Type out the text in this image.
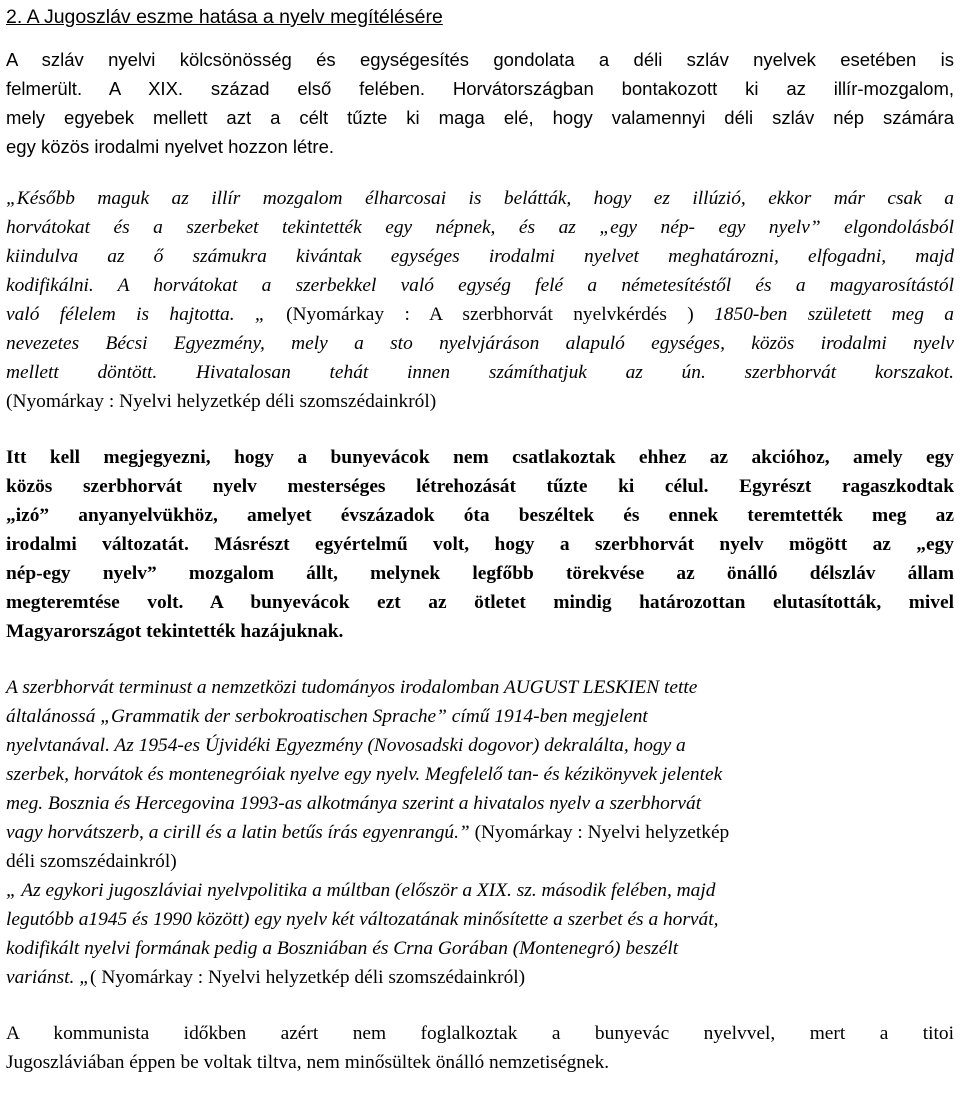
2. A Jugoszláv eszme hatása a nyelv megítélésére
A szláv nyelvi kölcsönösség és egységesítés gondolata a déli szláv nyelvek esetében is
felmerült. A XIX. század első felében. Horvátországban bontakozott ki az illír-mozgalom,
mely egyebek mellett azt a célt tűzte ki maga elé, hogy valamennyi déli szláv nép számára
egy közös irodalmi nyelvet hozzon létre.
„Később maguk az illír mozgalom élharcosai is belátták, hogy ez illúzió, ekkor már csak a
horvátokat és a szerbeket tekintették egy népnek, és az „egy nép- egy nyelv” elgondolásból
kiindulva az ő számukra kivántak egységes irodalmi nyelvet meghatározni, elfogadni, majd
kodifikálni. A horvátokat a szerbekkel való egység felé a németesítéstől és a magyarosítástól
való félelem is hajtotta. „ (Nyomárkay : A szerbhorvát nyelvkérdés ) 1850-ben született meg a
nevezetes Bécsi Egyezmény, mely a sto nyelvjáráson alapuló egységes, közös irodalmi nyelv
mellett döntött. Hivatalosan tehát innen számíthatjuk az ún. szerbhorvát korszakot.
(Nyomárkay : Nyelvi helyzetkép déli szomszédainkról)
Itt kell megjegyezni, hogy a bunyevácok nem csatlakoztak ehhez az akcióhoz, amely egy
közös szerbhorvát nyelv mesterséges létrehozását tűzte ki célul. Egyrészt ragaszkodtak
„izó” anyanyelvükhöz, amelyet évszázadok óta beszéltek és ennek teremtették meg az
irodalmi változatát. Másrészt egyértelmű volt, hogy a szerbhorvát nyelv mögött az „egy
nép-egy nyelv” mozgalom állt, melynek legfőbb törekvése az önálló délszláv állam
megteremtése volt. A bunyevácok ezt az ötletet mindig határozottan elutasították, mivel
Magyarországot tekintették hazájuknak.
A szerbhorvát terminust a nemzetközi tudományos irodalomban AUGUST LESKIEN tette
általánossá „Grammatik der serbokroatischen Sprache” című 1914-ben megjelent
nyelvtanával. Az 1954-es Újvidéki Egyezmény (Novosadski dogovor) dekralálta, hogy a
szerbek, horvátok és montenegróiak nyelve egy nyelv. Megfelelő tan- és kézikönyvek jelentek
meg. Bosznia és Hercegovina 1993-as alkotmánya szerint a hivatalos nyelv a szerbhorvát
vagy horvátszerb, a cirill és a latin betűs írás egyenrangú.” (Nyomárkay : Nyelvi helyzetkép
déli szomszédainkról)
„ Az egykori jugoszláviai nyelvpolitika a múltban (először a XIX. sz. második felében, majd
legutóbb a1945 és 1990 között) egy nyelv két változatának minősítette a szerbet és a horvát,
kodifikált nyelvi formának pedig a Boszniában és Crna Gorában (Montenegró) beszélt
variánst. „( Nyomárkay : Nyelvi helyzetkép déli szomszédainkról)
A kommunista időkben azért nem foglalkoztak a bunyevác nyelvvel, mert a titoi
Jugoszláviában éppen be voltak tiltva, nem minősültek önálló nemzetiségnek.
